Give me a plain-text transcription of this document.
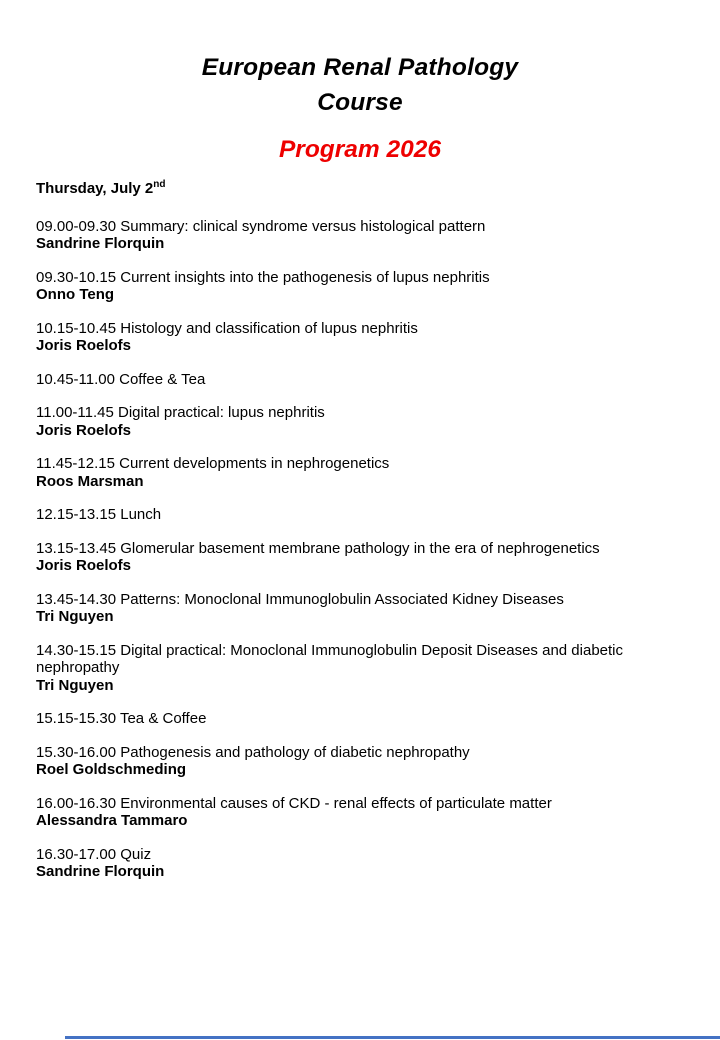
European Renal Pathology
Course
Program 2026
Thursday, July 2nd
09.00-09.30 Summary: clinical syndrome versus histological pattern
Sandrine Florquin
09.30-10.15 Current insights into the pathogenesis of lupus nephritis
Onno Teng
10.15-10.45 Histology and classification of lupus nephritis
Joris Roelofs
10.45-11.00 Coffee & Tea
11.00-11.45 Digital practical: lupus nephritis
Joris Roelofs
11.45-12.15 Current developments in nephrogenetics
Roos Marsman
12.15-13.15 Lunch
13.15-13.45 Glomerular basement membrane pathology in the era of nephrogenetics
Joris Roelofs
13.45-14.30 Patterns: Monoclonal Immunoglobulin Associated Kidney Diseases
Tri Nguyen
14.30-15.15 Digital practical: Monoclonal Immunoglobulin Deposit Diseases and diabetic nephropathy
Tri Nguyen
15.15-15.30 Tea & Coffee
15.30-16.00 Pathogenesis and pathology of diabetic nephropathy
Roel Goldschmeding
16.00-16.30 Environmental causes of CKD - renal effects of particulate matter
Alessandra Tammaro
16.30-17.00 Quiz
Sandrine Florquin
